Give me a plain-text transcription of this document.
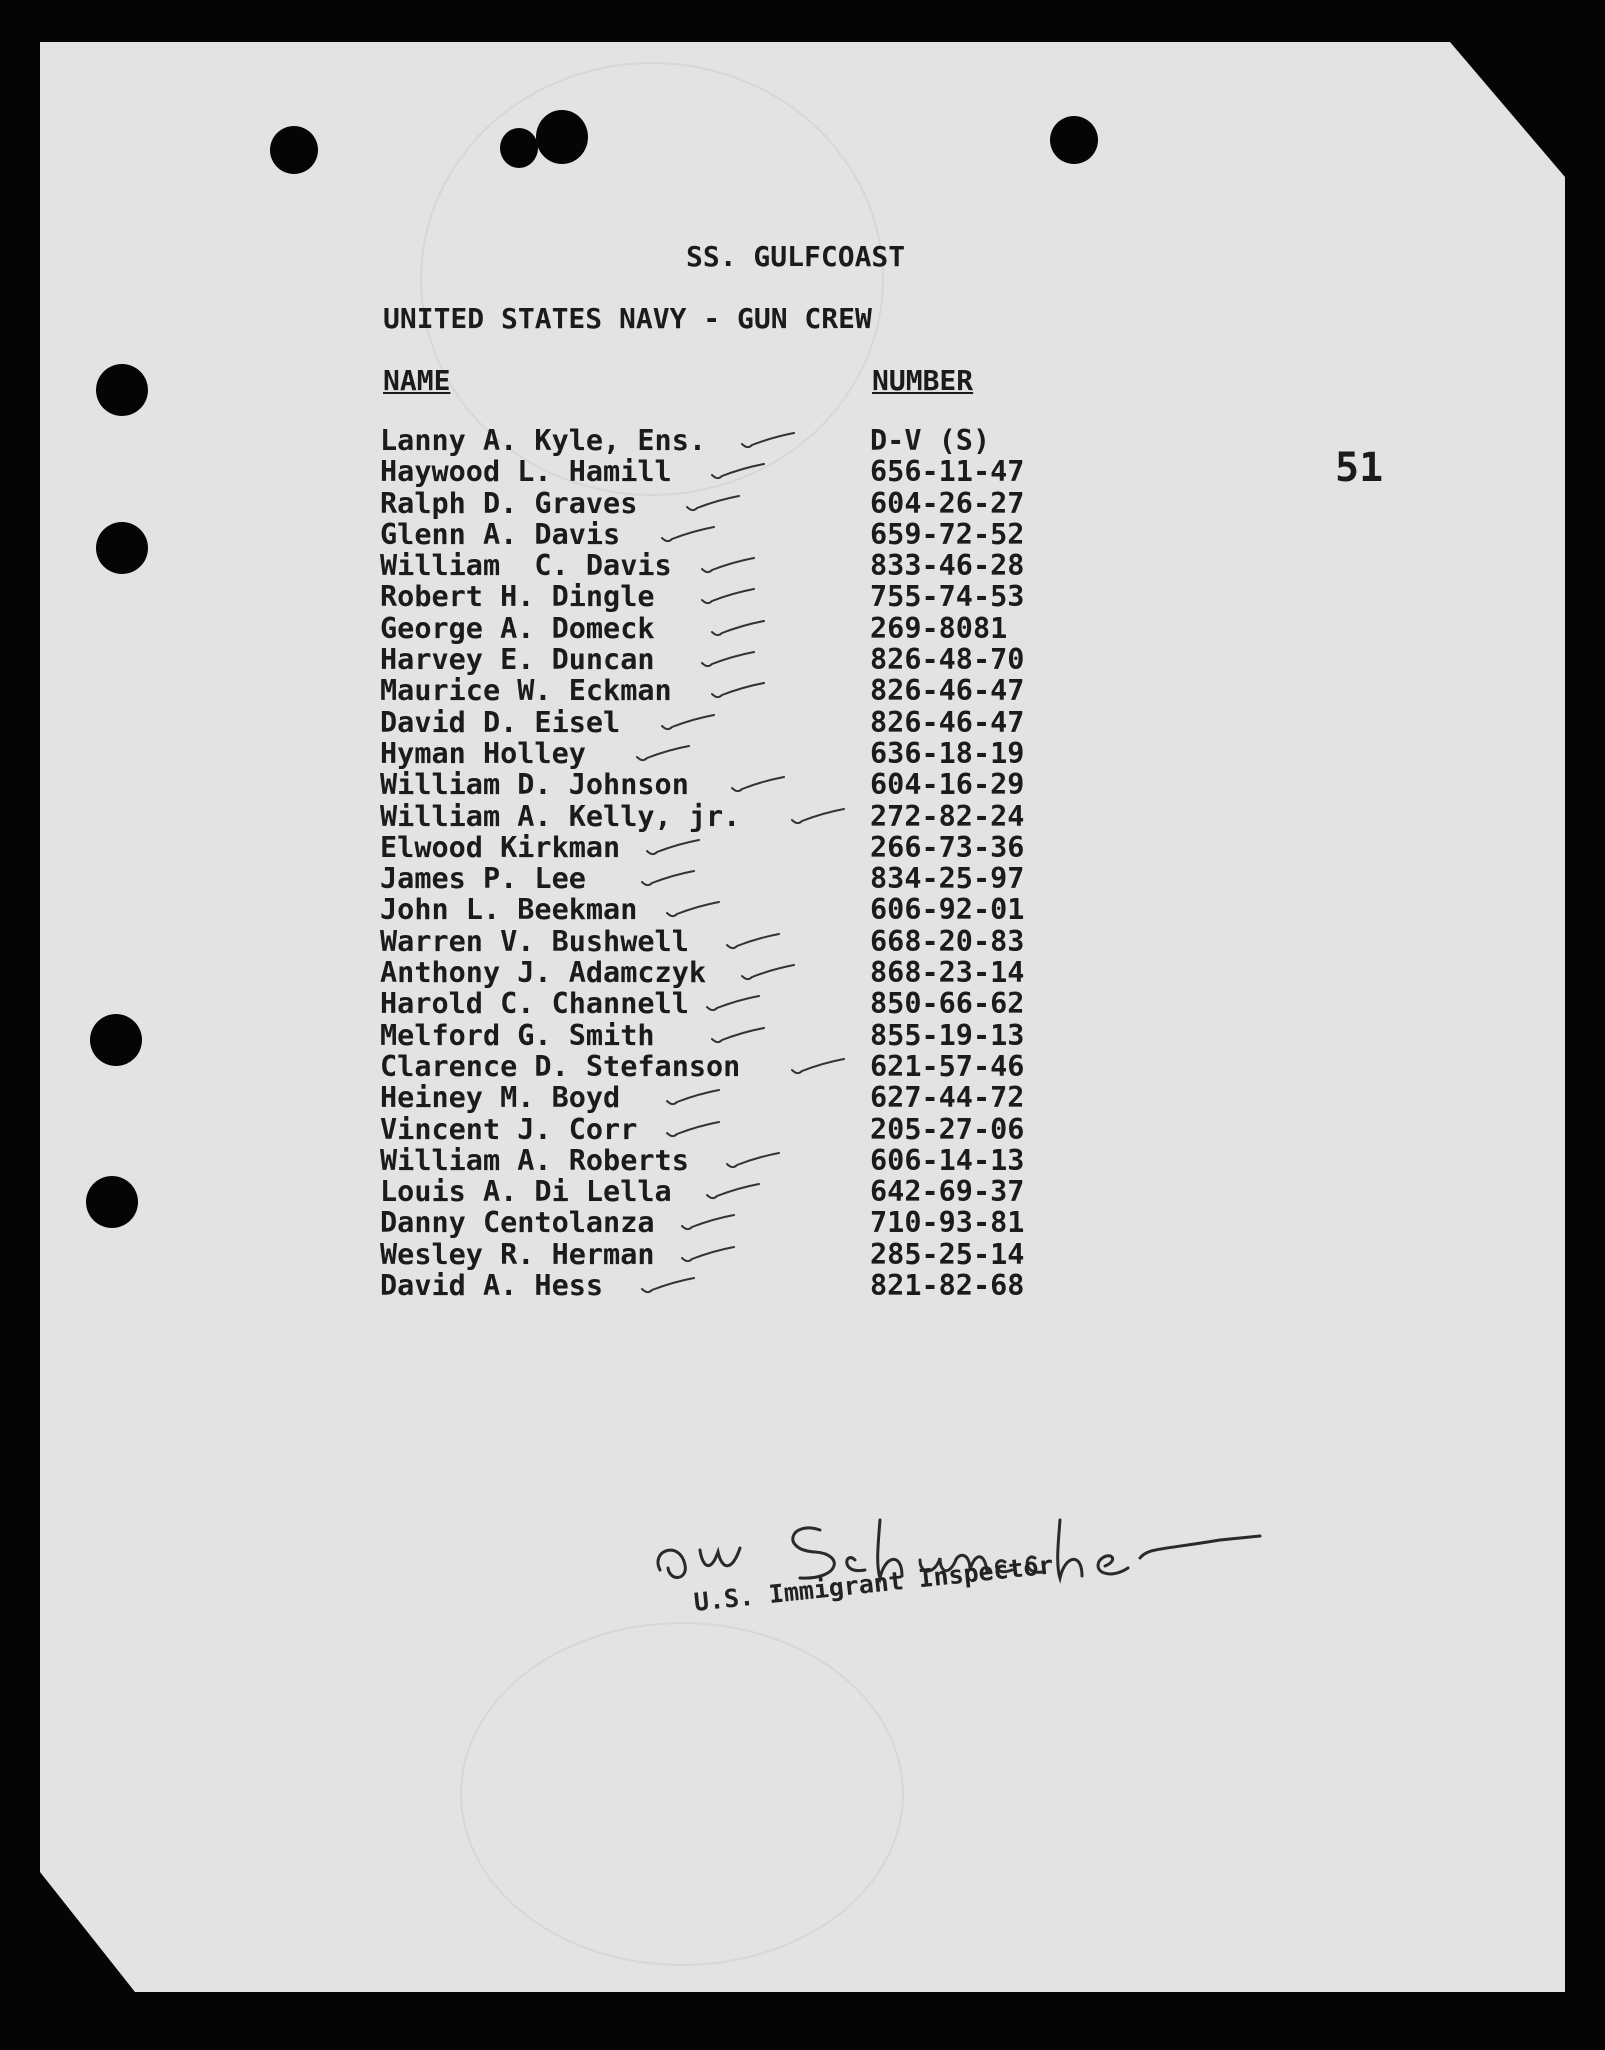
SS. GULFCOAST
UNITED STATES NAVY - GUN CREW
NAME	NUMBER
51
Lanny A. Kyle, Ens.	D-V (S)
Haywood L. Hamill	656-11-47
Ralph D. Graves	604-26-27
Glenn A. Davis	659-72-52
William  C. Davis	833-46-28
Robert H. Dingle	755-74-53
George A. Domeck	269-8081
Harvey E. Duncan	826-48-70
Maurice W. Eckman	826-46-47
David D. Eisel	826-46-47
Hyman Holley	636-18-19
William D. Johnson	604-16-29
William A. Kelly, jr.	272-82-24
Elwood Kirkman	266-73-36
James P. Lee	834-25-97
John L. Beekman	606-92-01
Warren V. Bushwell	668-20-83
Anthony J. Adamczyk	868-23-14
Harold C. Channell	850-66-62
Melford G. Smith	855-19-13
Clarence D. Stefanson	621-57-46
Heiney M. Boyd	627-44-72
Vincent J. Corr	205-27-06
William A. Roberts	606-14-13
Louis A. Di Lella	642-69-37
Danny Centolanza	710-93-81
Wesley R. Herman	285-25-14
David A. Hess	821-82-68
U.S. Immigrant Inspector
